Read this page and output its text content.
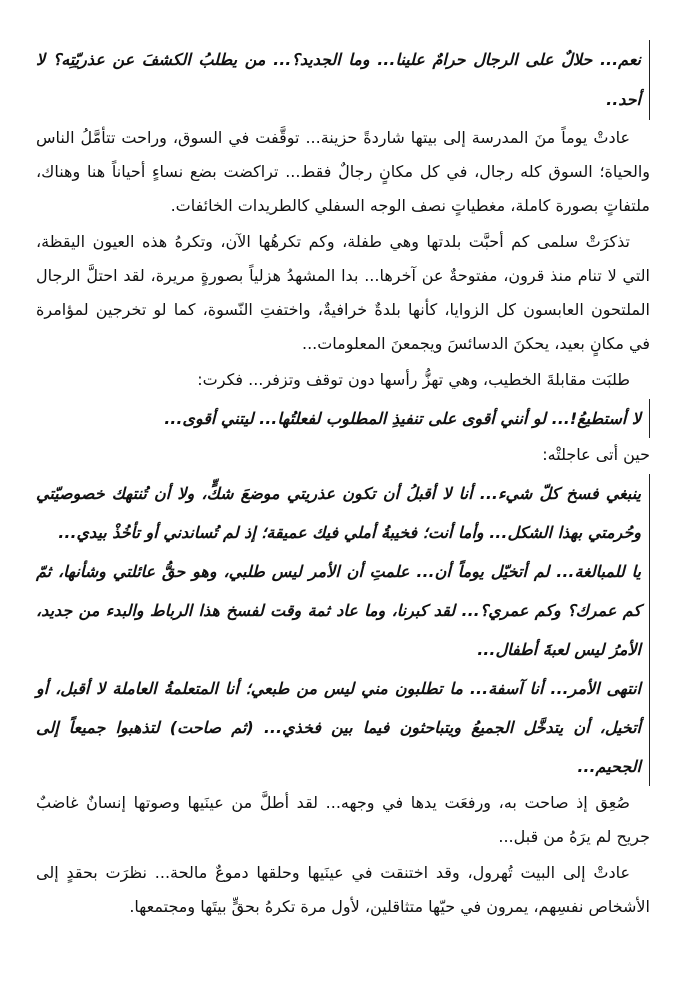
نعم... حلالٌ على الرجال حرامٌ علينا... وما الجديد؟... من يطلبُ الكشفَ عن عذريّتِه؟ لا أحد..

عادتْ يوماً منَ المدرسة إلى بيتها شاردةً حزينة... توقَّفت في السوق، وراحت تتأمَّلُ الناس والحياة؛ السوق كله رجال، في كل مكانٍ رجالٌ فقط... تراكضت بضع نساءٍ أحياناً هنا وهناك، ملتفاتٍ بصورة كاملة، مغطياتٍ نصف الوجه السفلي كالطريدات الخائفات.

تذكرَتْ سلمى كم أحبَّت بلدتها وهي طفلة، وكم تكرهُها الآن، وتكرهُ هذه العيون اليقظة، التي لا تنام منذ قرون، مفتوحةٌ عن آخرها... بدا المشهدُ هزلياً بصورةٍ مريرة، لقد احتلَّ الرجال الملتحون العابسون كل الزوايا، كأنها بلدةٌ خرافيةٌ، واختفتِ النّسوة، كما لو تخرجين لمؤامرة في مكانٍ بعيد، يحكنَ الدسائسَ ويجمعنَ المعلومات...

طلبَت مقابلةَ الخطيب، وهي تهزُّ رأسها دون توقف وتزفر... فكرت:

لا أستطيعُ!... لو أنني أقوى على تنفيذِ المطلوب لفعلتُها... ليتني أقوى...

حين أتى عاجلتْه:

ينبغي فسخ كلّ شيء... أنا لا أقبلُ أن تكون عذريتي موضعَ شكٍّ، ولا أن تُنتهك خصوصيّتي وحُرمتي بهذا الشكل... وأما أنت؛ فخيبةُ أملي فيك عميقة؛ إذ لم تُساندني أو تأخُذْ بيدي...

يا للمبالغة... لم أتخيّل يوماً أن... علمتِ أن الأمر ليس طلبي، وهو حقُّ عائلتي وشأنها، ثمّ كم عمرك؟ وكم عمري؟... لقد كبرنا، وما عاد ثمة وقت لفسخ هذا الرباط والبدء من جديد، الأمرُ ليس لعبةَ أطفال...

انتهى الأمر... أنا آسفة... ما تطلبون مني ليس من طبعي؛ أنا المتعلمةُ العاملة لا أقبل، أو أتخيل، أن يتدخَّل الجميعُ ويتباحثون فيما بين فخذي... (ثم صاحت) لتذهبوا جميعاً إلى الجحيم...

صُعِق إذ صاحت به، ورفعَت يدها في وجهه... لقد أطلَّ من عينَيها وصوتها إنسانٌ غاضبٌ جريح لم يرَهُ من قبل...

عادتْ إلى البيت تُهرول، وقد اختنقت في عينَيها وحلقها دموعٌ مالحة... نظرَت بحقدٍ إلى الأشخاص نفسِهم، يمرون في حيّها متثاقلين، لأول مرة تكرهُ بحقٍّ بيتَها ومجتمعها.
